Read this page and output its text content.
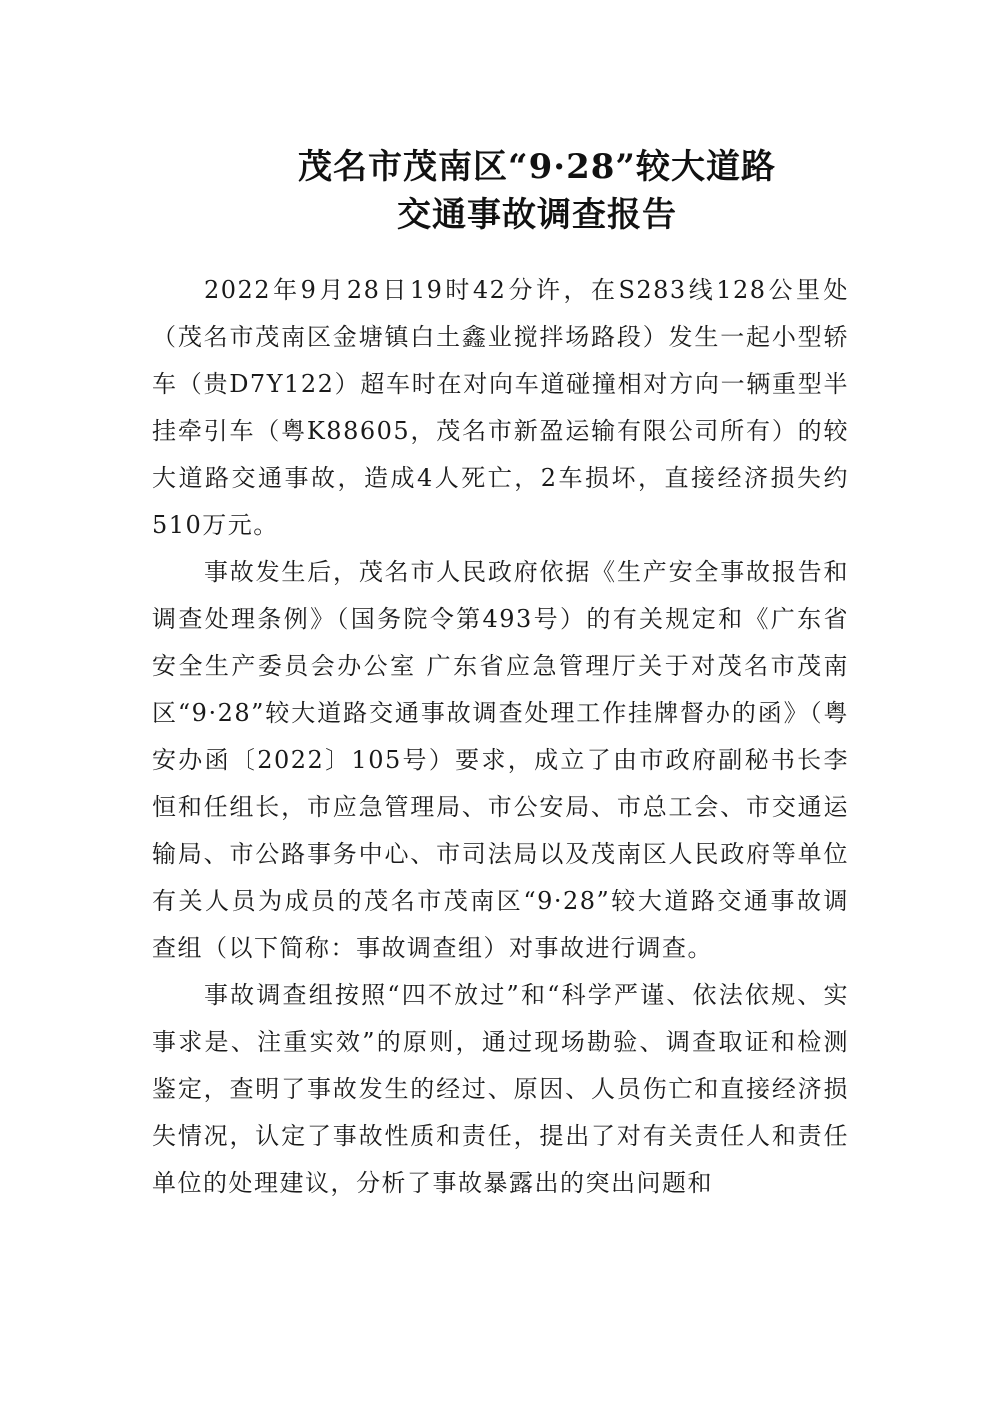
茂名市茂南区“9·28”较大道路
交通事故调查报告

2022年9月28日19时42分许，在S283线128公里处（茂名市茂南区金塘镇白土鑫业搅拌场路段）发生一起小型轿车（贵D7Y122）超车时在对向车道碰撞相对方向一辆重型半挂牵引车（粤K88605，茂名市新盈运输有限公司所有）的较大道路交通事故，造成4人死亡，2车损坏，直接经济损失约510万元。

事故发生后，茂名市人民政府依据《生产安全事故报告和调查处理条例》（国务院令第493号）的有关规定和《广东省安全生产委员会办公室 广东省应急管理厅关于对茂名市茂南区“9·28”较大道路交通事故调查处理工作挂牌督办的函》（粤安办函〔2022〕105号）要求，成立了由市政府副秘书长李恒和任组长，市应急管理局、市公安局、市总工会、市交通运输局、市公路事务中心、市司法局以及茂南区人民政府等单位有关人员为成员的茂名市茂南区“9·28”较大道路交通事故调查组（以下简称：事故调查组）对事故进行调查。

事故调查组按照“四不放过”和“科学严谨、依法依规、实事求是、注重实效”的原则，通过现场勘验、调查取证和检测鉴定，查明了事故发生的经过、原因、人员伤亡和直接经济损失情况，认定了事故性质和责任，提出了对有关责任人和责任单位的处理建议，分析了事故暴露出的突出问题和
